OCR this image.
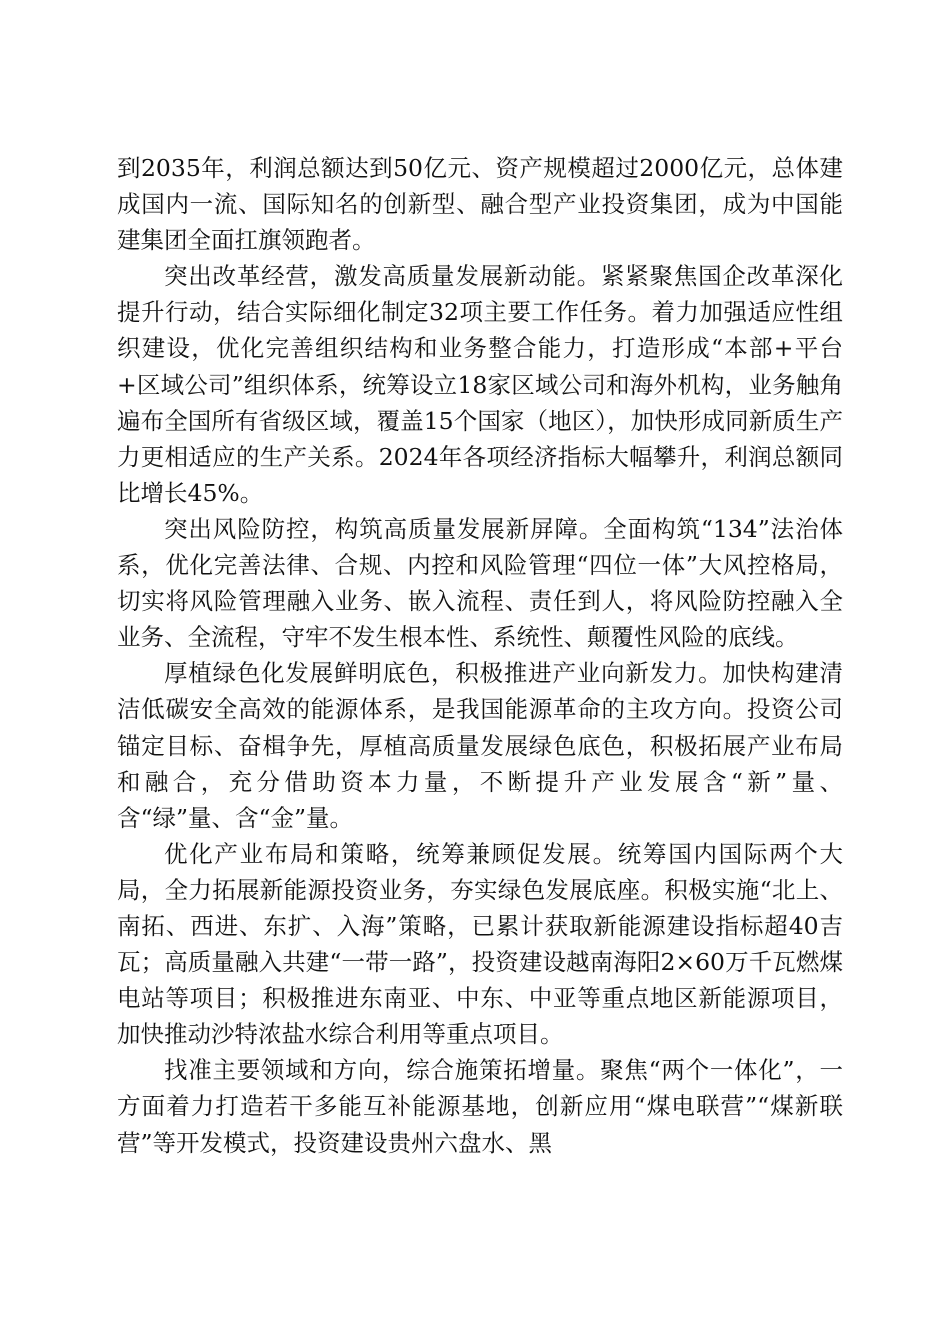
到2035年，利润总额达到50亿元、资产规模超过2000亿元，总体建成国内一流、国际知名的创新型、融合型产业投资集团，成为中国能建集团全面扛旗领跑者。

突出改革经营，激发高质量发展新动能。紧紧聚焦国企改革深化提升行动，结合实际细化制定32项主要工作任务。着力加强适应性组织建设，优化完善组织结构和业务整合能力，打造形成“本部+平台+区域公司”组织体系，统筹设立18家区域公司和海外机构，业务触角遍布全国所有省级区域，覆盖15个国家（地区），加快形成同新质生产力更相适应的生产关系。2024年各项经济指标大幅攀升，利润总额同比增长45%。

突出风险防控，构筑高质量发展新屏障。全面构筑“134”法治体系，优化完善法律、合规、内控和风险管理“四位一体”大风控格局，切实将风险管理融入业务、嵌入流程、责任到人，将风险防控融入全业务、全流程，守牢不发生根本性、系统性、颠覆性风险的底线。

厚植绿色化发展鲜明底色，积极推进产业向新发力。加快构建清洁低碳安全高效的能源体系，是我国能源革命的主攻方向。投资公司锚定目标、奋楫争先，厚植高质量发展绿色底色，积极拓展产业布局和融合，充分借助资本力量，不断提升产业发展含“新”量、含“绿”量、含“金”量。

优化产业布局和策略，统筹兼顾促发展。统筹国内国际两个大局，全力拓展新能源投资业务，夯实绿色发展底座。积极实施“北上、南拓、西进、东扩、入海”策略，已累计获取新能源建设指标超40吉瓦；高质量融入共建“一带一路”，投资建设越南海阳2×60万千瓦燃煤电站等项目；积极推进东南亚、中东、中亚等重点地区新能源项目，加快推动沙特浓盐水综合利用等重点项目。

找准主要领域和方向，综合施策拓增量。聚焦“两个一体化”，一方面着力打造若干多能互补能源基地，创新应用“煤电联营”“煤新联营”等开发模式，投资建设贵州六盘水、黑
